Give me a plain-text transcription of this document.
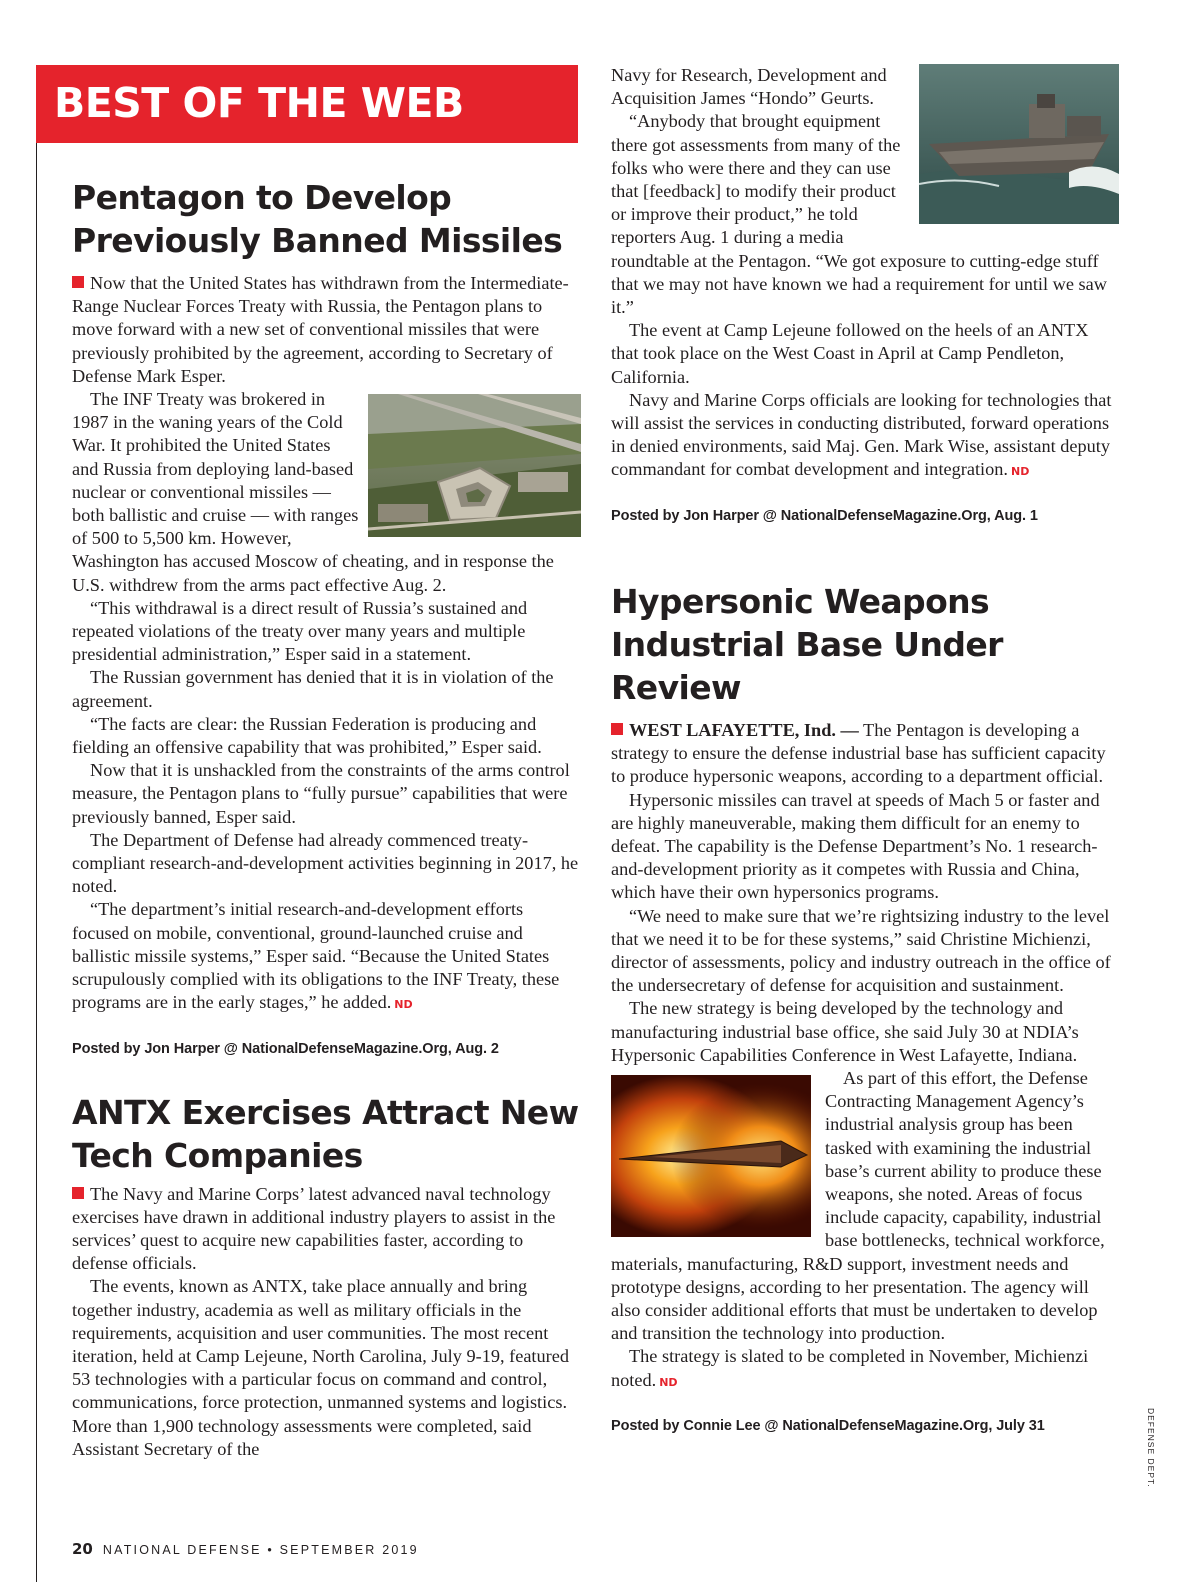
BEST OF THE WEB
Pentagon to Develop Previously Banned Missiles

Now that the United States has withdrawn from the Intermediate-Range Nuclear Forces Treaty with Russia, the Pentagon plans to move forward with a new set of conventional missiles that were previously prohibited by the agreement, according to Secretary of Defense Mark Esper.

The INF Treaty was brokered in 1987 in the waning years of the Cold War. It prohibited the United States and Russia from deploying land-based nuclear or conventional missiles — both ballistic and cruise — with ranges of 500 to 5,500 km. However, Washington has accused Moscow of cheating, and in response the U.S. withdrew from the arms pact effective Aug. 2.

“This withdrawal is a direct result of Russia’s sustained and repeated violations of the treaty over many years and multiple presidential administration,” Esper said in a statement.

The Russian government has denied that it is in violation of the agreement.

“The facts are clear: the Russian Federation is producing and fielding an offensive capability that was prohibited,” Esper said.

Now that it is unshackled from the constraints of the arms control measure, the Pentagon plans to “fully pursue” capabilities that were previously banned, Esper said.

The Department of Defense had already commenced treaty-compliant research-and-development activities beginning in 2017, he noted.

“The department’s initial research-and-development efforts focused on mobile, conventional, ground-launched cruise and ballistic missile systems,” Esper said. “Because the United States scrupulously complied with its obligations to the INF Treaty, these programs are in the early stages,” he added. ND

Posted by Jon Harper @ NationalDefenseMagazine.Org, Aug. 2
ANTX Exercises Attract New Tech Companies

The Navy and Marine Corps’ latest advanced naval technology exercises have drawn in additional industry players to assist in the services’ quest to acquire new capabilities faster, according to defense officials.

The events, known as ANTX, take place annually and bring together industry, academia as well as military officials in the requirements, acquisition and user communities. The most recent iteration, held at Camp Lejeune, North Carolina, July 9-19, featured 53 technologies with a particular focus on command and control, communications, force protection, unmanned systems and logistics. More than 1,900 technology assessments were completed, said Assistant Secretary of the

Navy for Research, Development and Acquisition James “Hondo” Geurts.

“Anybody that brought equipment there got assessments from many of the folks who were there and they can use that [feedback] to modify their product or improve their product,” he told reporters Aug. 1 during a media roundtable at the Pentagon. “We got exposure to cutting-edge stuff that we may not have known we had a requirement for until we saw it.”

The event at Camp Lejeune followed on the heels of an ANTX that took place on the West Coast in April at Camp Pendleton, California.

Navy and Marine Corps officials are looking for technologies that will assist the services in conducting distributed, forward operations in denied environments, said Maj. Gen. Mark Wise, assistant deputy commandant for combat development and integration. ND

Posted by Jon Harper @ NationalDefenseMagazine.Org, Aug. 1
Hypersonic Weapons Industrial Base Under Review

WEST LAFAYETTE, Ind. — The Pentagon is developing a strategy to ensure the defense industrial base has sufficient capacity to produce hypersonic weapons, according to a department official.

Hypersonic missiles can travel at speeds of Mach 5 or faster and are highly maneuverable, making them difficult for an enemy to defeat. The capability is the Defense Department’s No. 1 research-and-development priority as it competes with Russia and China, which have their own hypersonics programs.

“We need to make sure that we’re rightsizing industry to the level that we need it to be for these systems,” said Christine Michienzi, director of assessments, policy and industry outreach in the office of the undersecretary of defense for acquisition and sustainment.

The new strategy is being developed by the technology and manufacturing industrial base office, she said July 30 at NDIA’s Hypersonic Capabilities Conference in West Lafayette, Indiana.

As part of this effort, the Defense Contracting Management Agency’s industrial analysis group has been tasked with examining the industrial base’s current ability to produce these weapons, she noted. Areas of focus include capacity, capability, industrial base bottlenecks, technical workforce, materials, manufacturing, R&D support, investment needs and prototype designs, according to her presentation. The agency will also consider additional efforts that must be undertaken to develop and transition the technology into production.

The strategy is slated to be completed in November, Michienzi noted. ND

Posted by Connie Lee @ NationalDefenseMagazine.Org, July 31	DEFENSE DEPT.
20 NATIONAL DEFENSE • SEPTEMBER 2019
